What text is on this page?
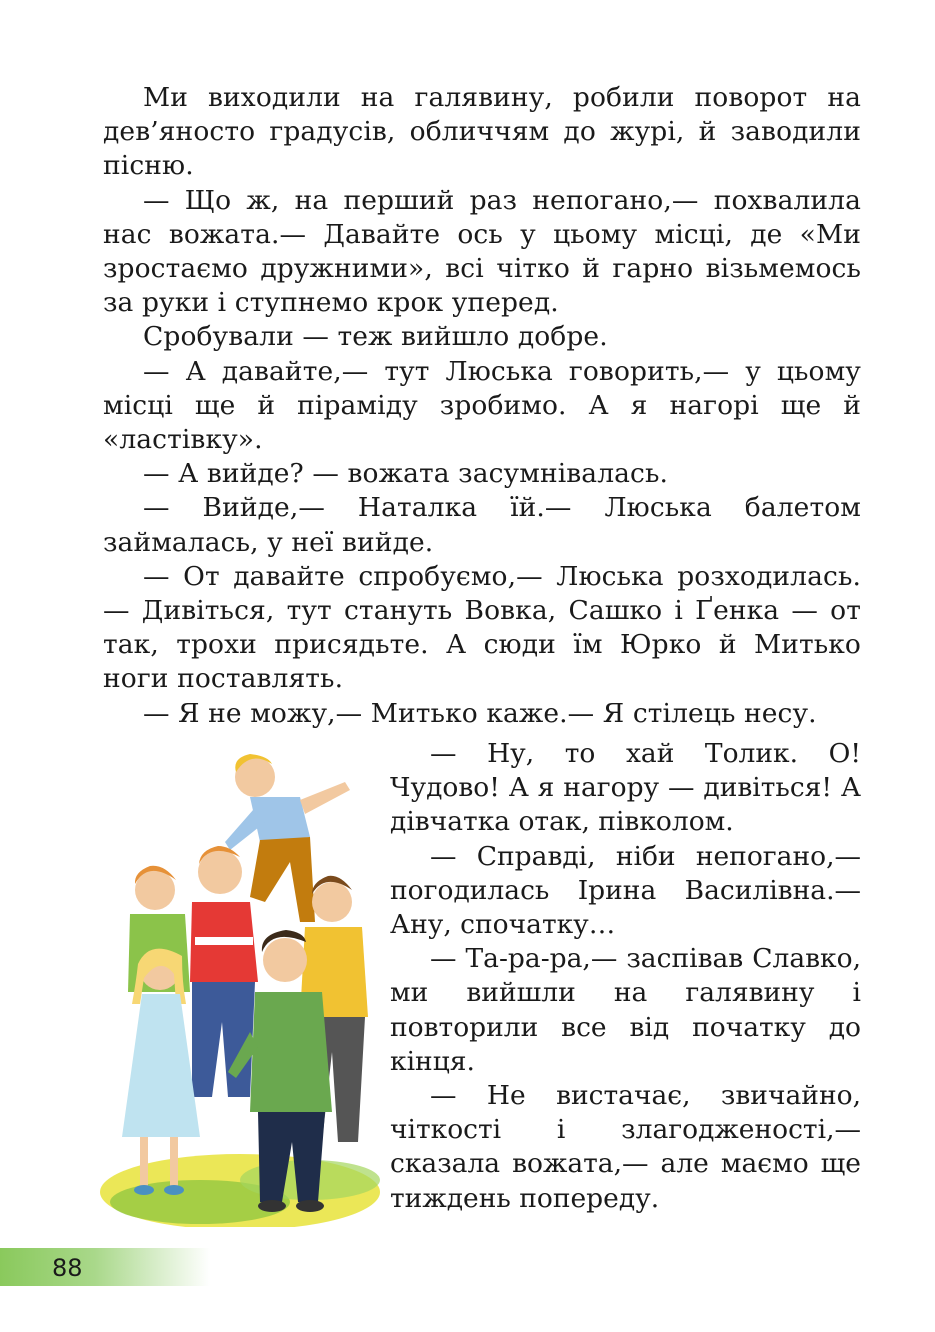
Ми виходили на галявину, робили поворот на дев’яносто градусів, обличчям до журі, й заводили пісню.

— Що ж, на перший раз непогано,— похвалила нас вожата.— Давайте ось у цьому місці, де «Ми зростаємо дружними», всі чітко й гарно візьмемось за руки і ступнемо крок уперед.

Сробували — теж вийшло добре.

— А давайте,— тут Люська говорить,— у цьому місці ще й піраміду зробимо. А я нагорі ще й «ластівку».

— А вийде? — вожата засумнівалась.

— Вийде,— Наталка їй.— Люська балетом займалась, у неї вийде.

— От давайте спробуємо,— Люська розходилась.— Дивіться, тут стануть Вовка, Сашко і Ґенка — от так, трохи присядьте. А сюди їм Юрко й Митько ноги поставлять.

— Я не можу,— Митько каже.— Я стілець несу.

— Ну, то хай Толик. О! Чудово! А я нагору — дивіться! А дівчатка отак, півколом.

— Справді, ніби непогано,— погодилась Ірина Василівна.— Ану, спочатку…

— Та-ра-ра,— заспівав Славко, ми вийшли на галявину і повторили все від початку до кінця.

— Не вистачає, звичайно, чіткості і злагодженості,— сказала вожата,— але маємо ще тиждень попереду.

88
